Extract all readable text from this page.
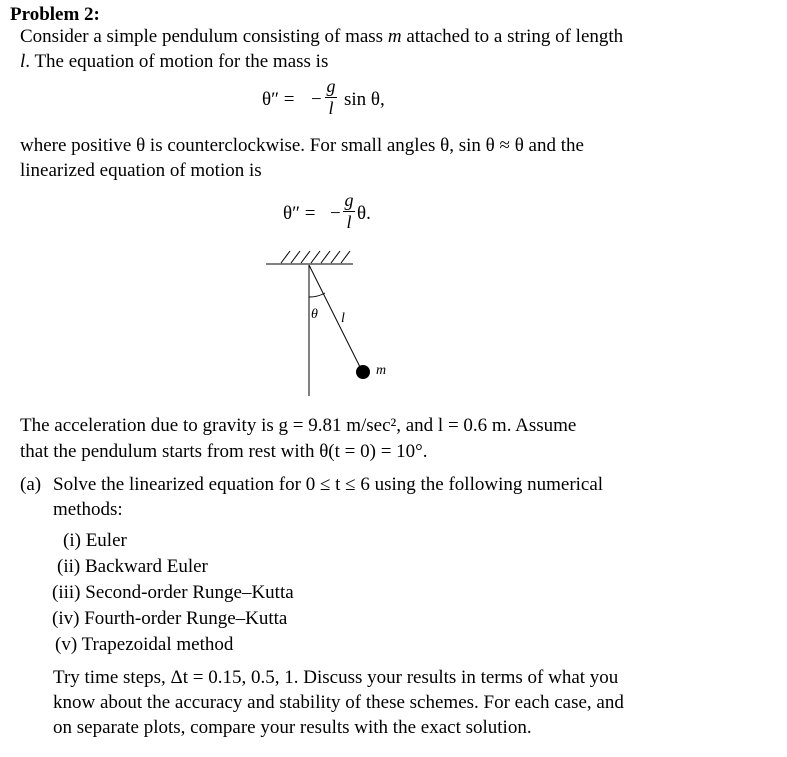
Problem 2:
Consider a simple pendulum consisting of mass m attached to a string of length
l. The equation of motion for the mass is
θ″ = −
g
l sin θ,
where positive θ is counterclockwise. For small angles θ, sin θ ≈ θ and the
linearized equation of motion is
θ″ = −
g
l θ.
θ l
m
The acceleration due to gravity is g = 9.81 m/sec², and l = 0.6 m. Assume
that the pendulum starts from rest with θ(t = 0) = 10°.
(a) Solve the linearized equation for 0 ≤ t ≤ 6 using the following numerical
methods:
(i) Euler
(ii) Backward Euler
(iii) Second-order Runge–Kutta
(iv) Fourth-order Runge–Kutta
(v) Trapezoidal method
Try time steps, Δt = 0.15, 0.5, 1. Discuss your results in terms of what you
know about the accuracy and stability of these schemes. For each case, and
on separate plots, compare your results with the exact solution.
